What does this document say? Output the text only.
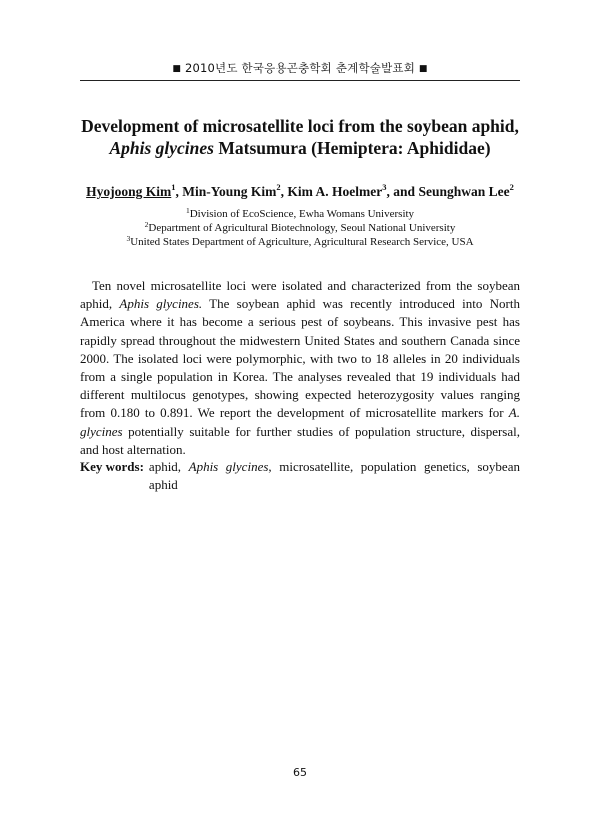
■ 2010년도 한국응용곤충학회 춘계학술발표회 ■
Development of microsatellite loci from the soybean aphid,
Aphis glycines Matsumura (Hemiptera: Aphididae)
Hyojoong Kim$^1$, Min-Young Kim$^2$, Kim A. Hoelmer$^3$, and Seunghwan Lee$^2$
$^1$Division of EcoScience, Ewha Womans University
$^2$Department of Agricultural Biotechnology, Seoul National University
$^3$United States Department of Agriculture, Agricultural Research Service, USA

Ten novel microsatellite loci were isolated and characterized from the soybean aphid, Aphis glycines. The soybean aphid was recently introduced into North America where it has become a serious pest of soybeans. This invasive pest has rapidly spread throughout the midwestern United States and southern Canada since 2000. The isolated loci were polymorphic, with two to 18 alleles in 20 individuals from a single population in Korea. The analyses revealed that 19 individuals had different multilocus genotypes, showing expected heterozygosity values ranging from 0.180 to 0.891. We report the development of microsatellite markers for A. glycines potentially suitable for further studies of population structure, dispersal, and host alternation.

Key words: aphid, Aphis glycines, microsatellite, population genetics, soybean aphid
65
